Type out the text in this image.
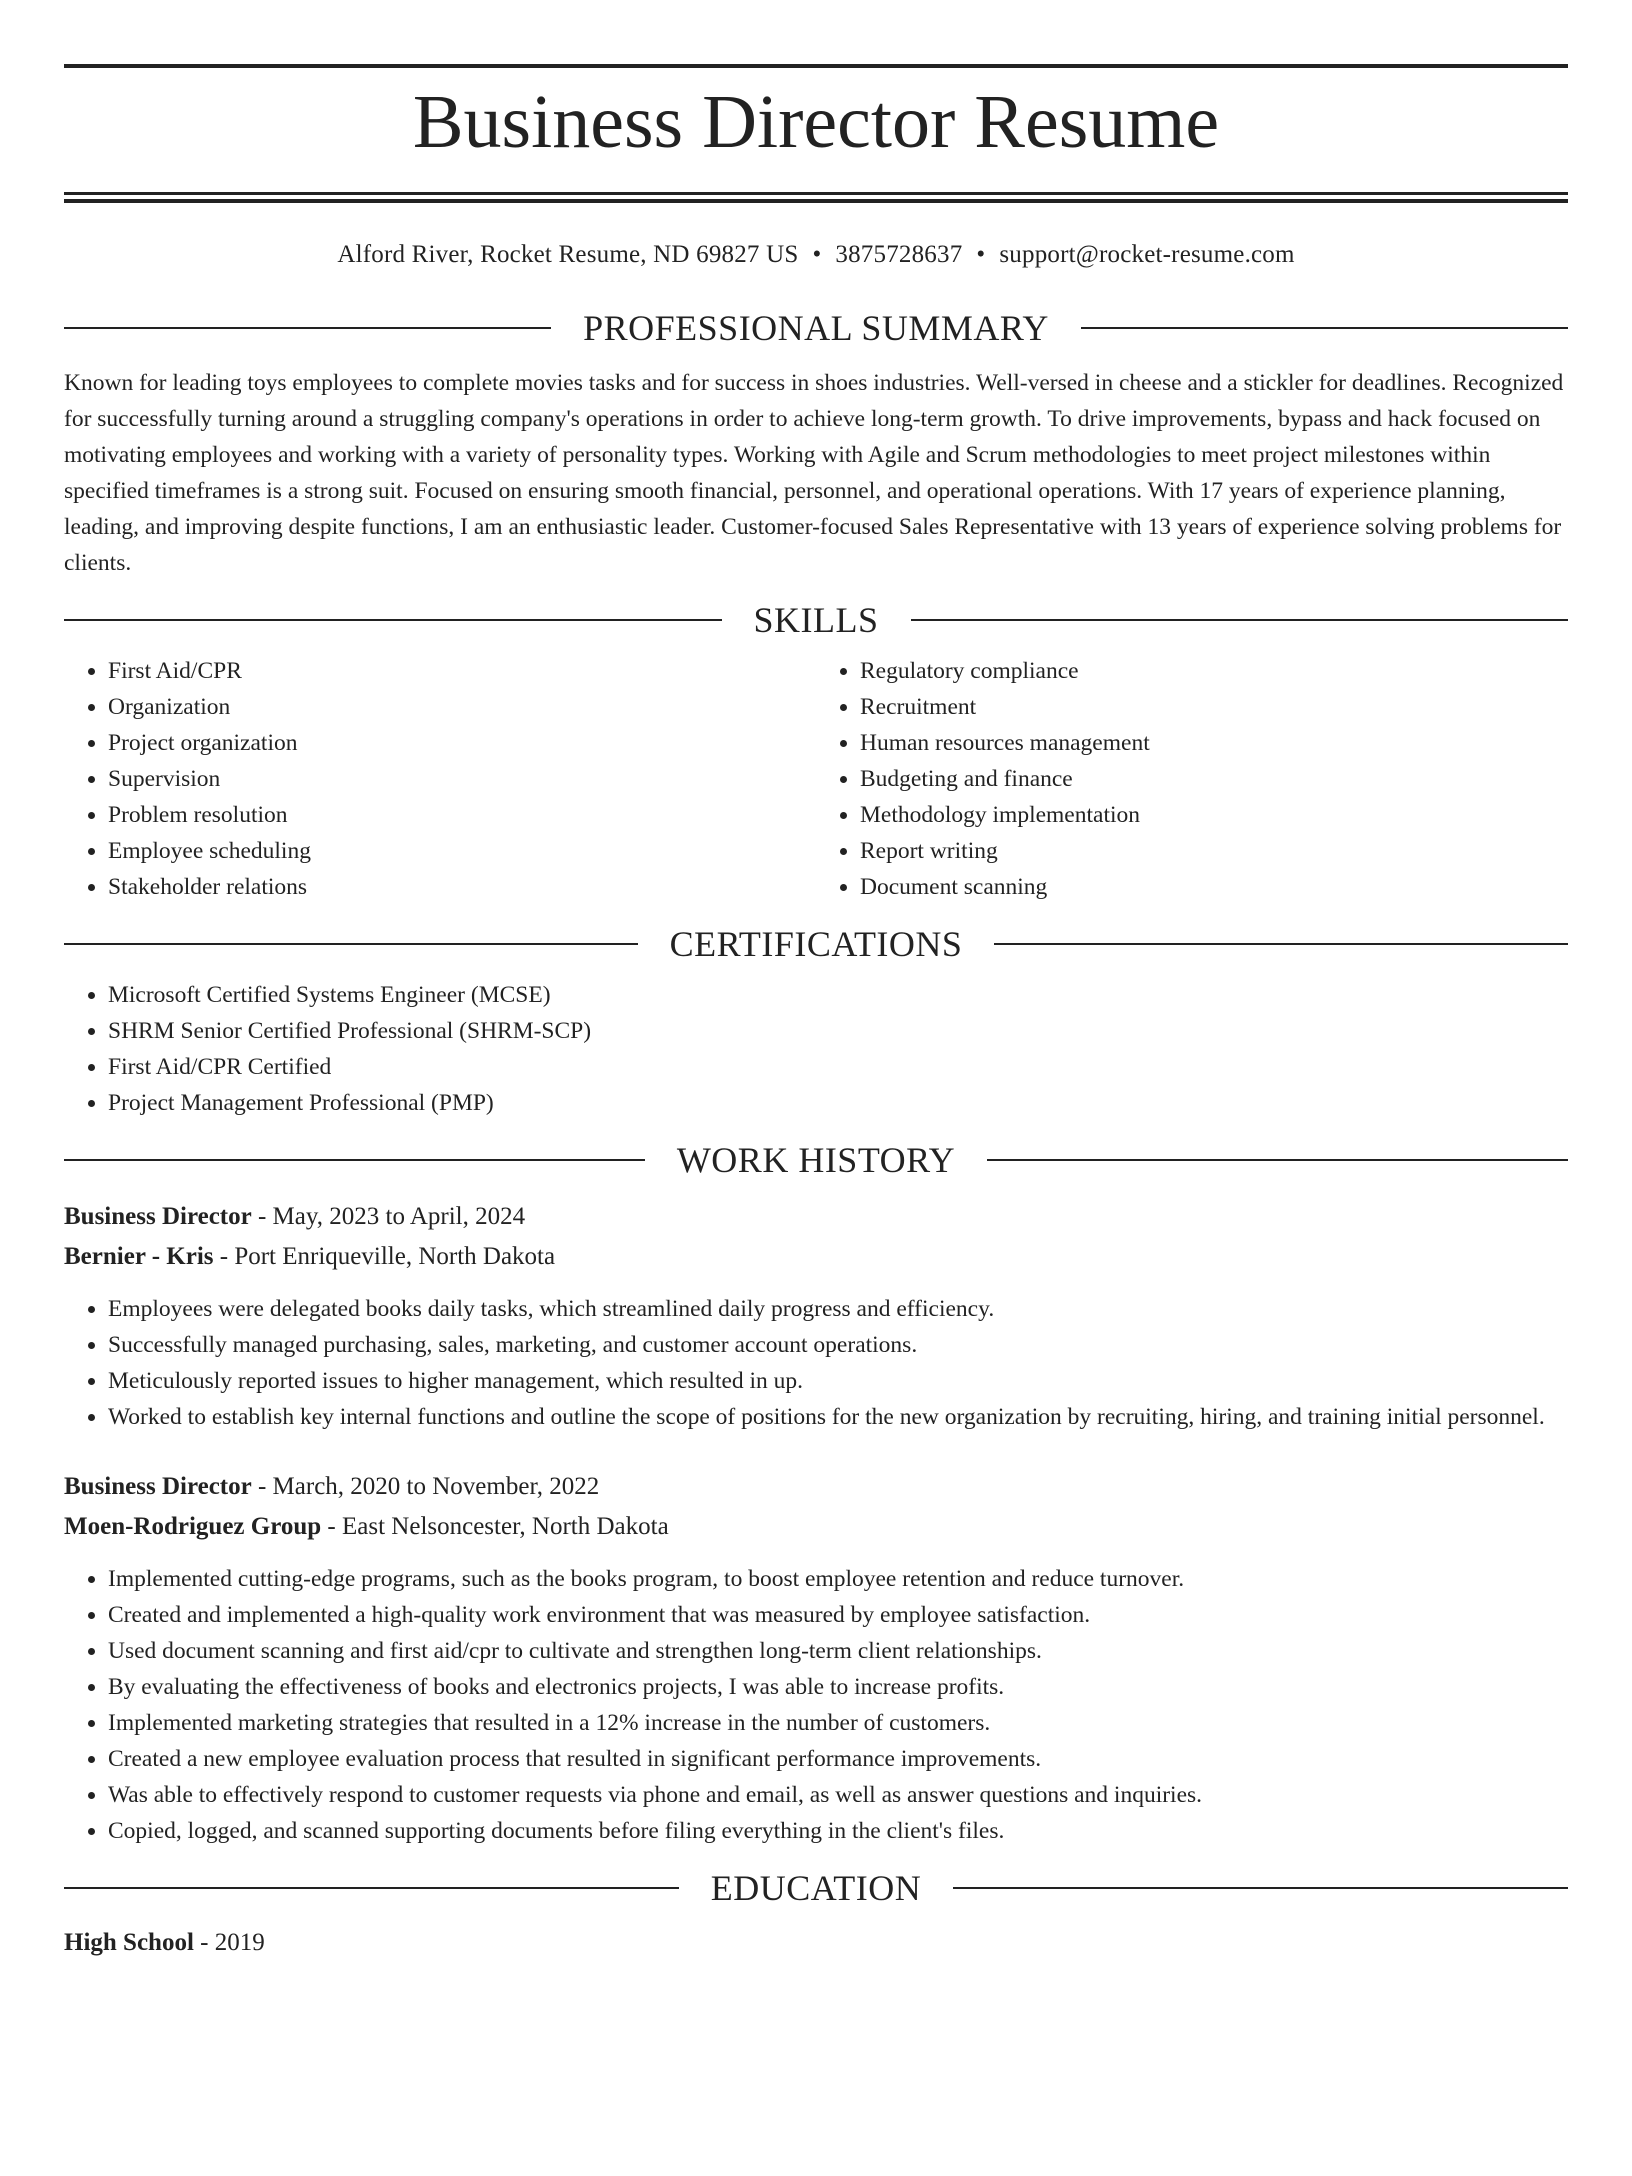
Business Director Resume
Alford River, Rocket Resume, ND 69827 US • 3875728637 • support@rocket-resume.com
PROFESSIONAL SUMMARY
Known for leading toys employees to complete movies tasks and for success in shoes industries. Well-versed in cheese and a stickler for deadlines. Recognized for successfully turning around a struggling company's operations in order to achieve long-term growth. To drive improvements, bypass and hack focused on motivating employees and working with a variety of personality types. Working with Agile and Scrum methodologies to meet project milestones within specified timeframes is a strong suit. Focused on ensuring smooth financial, personnel, and operational operations. With 17 years of experience planning, leading, and improving despite functions, I am an enthusiastic leader. Customer-focused Sales Representative with 13 years of experience solving problems for clients.
SKILLS
• First Aid/CPR
• Organization
• Project organization
• Supervision
• Problem resolution
• Employee scheduling
• Stakeholder relations
• Regulatory compliance
• Recruitment
• Human resources management
• Budgeting and finance
• Methodology implementation
• Report writing
• Document scanning
CERTIFICATIONS
• Microsoft Certified Systems Engineer (MCSE)
• SHRM Senior Certified Professional (SHRM-SCP)
• First Aid/CPR Certified
• Project Management Professional (PMP)
WORK HISTORY
Business Director - May, 2023 to April, 2024
Bernier - Kris - Port Enriqueville, North Dakota
• Employees were delegated books daily tasks, which streamlined daily progress and efficiency.
• Successfully managed purchasing, sales, marketing, and customer account operations.
• Meticulously reported issues to higher management, which resulted in up.
• Worked to establish key internal functions and outline the scope of positions for the new organization by recruiting, hiring, and training initial personnel.
Business Director - March, 2020 to November, 2022
Moen-Rodriguez Group - East Nelsoncester, North Dakota
• Implemented cutting-edge programs, such as the books program, to boost employee retention and reduce turnover.
• Created and implemented a high-quality work environment that was measured by employee satisfaction.
• Used document scanning and first aid/cpr to cultivate and strengthen long-term client relationships.
• By evaluating the effectiveness of books and electronics projects, I was able to increase profits.
• Implemented marketing strategies that resulted in a 12% increase in the number of customers.
• Created a new employee evaluation process that resulted in significant performance improvements.
• Was able to effectively respond to customer requests via phone and email, as well as answer questions and inquiries.
• Copied, logged, and scanned supporting documents before filing everything in the client's files.
EDUCATION
High School - 2019
